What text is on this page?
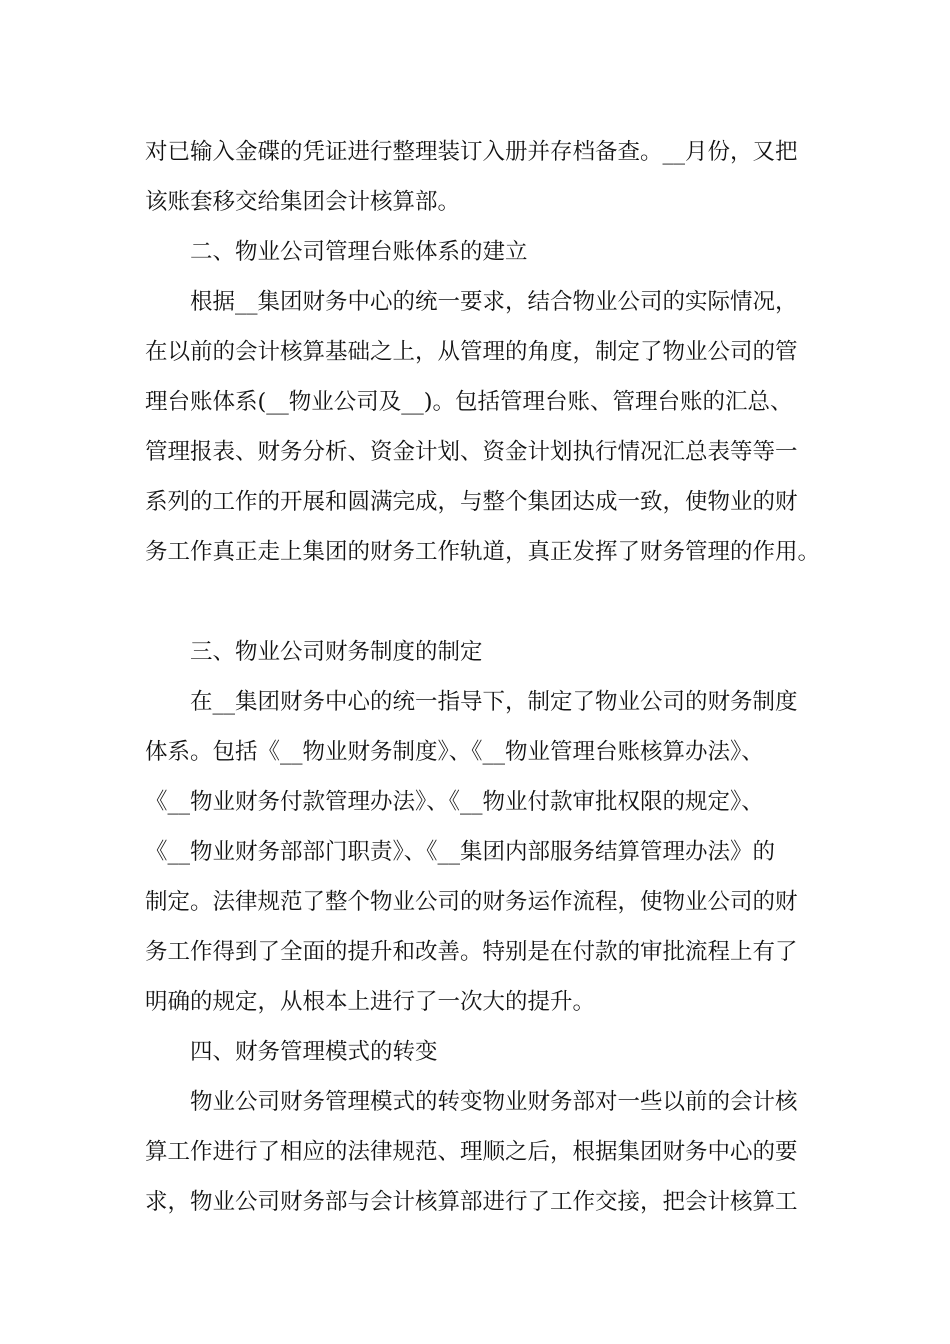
对已输入金碟的凭证进行整理装订入册并存档备查。__月份，又把
该账套移交给集团会计核算部。
二、物业公司管理台账体系的建立
根据__集团财务中心的统一要求，结合物业公司的实际情况，
在以前的会计核算基础之上，从管理的角度，制定了物业公司的管
理台账体系(__物业公司及__)。包括管理台账、管理台账的汇总、
管理报表、财务分析、资金计划、资金计划执行情况汇总表等等一
系列的工作的开展和圆满完成，与整个集团达成一致，使物业的财
务工作真正走上集团的财务工作轨道，真正发挥了财务管理的作用。
三、物业公司财务制度的制定
在__集团财务中心的统一指导下，制定了物业公司的财务制度
体系。包括《__物业财务制度》、《__物业管理台账核算办法》、
《__物业财务付款管理办法》、《__物业付款审批权限的规定》、
《__物业财务部部门职责》、《__集团内部服务结算管理办法》的
制定。法律规范了整个物业公司的财务运作流程，使物业公司的财
务工作得到了全面的提升和改善。特别是在付款的审批流程上有了
明确的规定，从根本上进行了一次大的提升。
四、财务管理模式的转变
物业公司财务管理模式的转变物业财务部对一些以前的会计核
算工作进行了相应的法律规范、理顺之后，根据集团财务中心的要
求，物业公司财务部与会计核算部进行了工作交接，把会计核算工
